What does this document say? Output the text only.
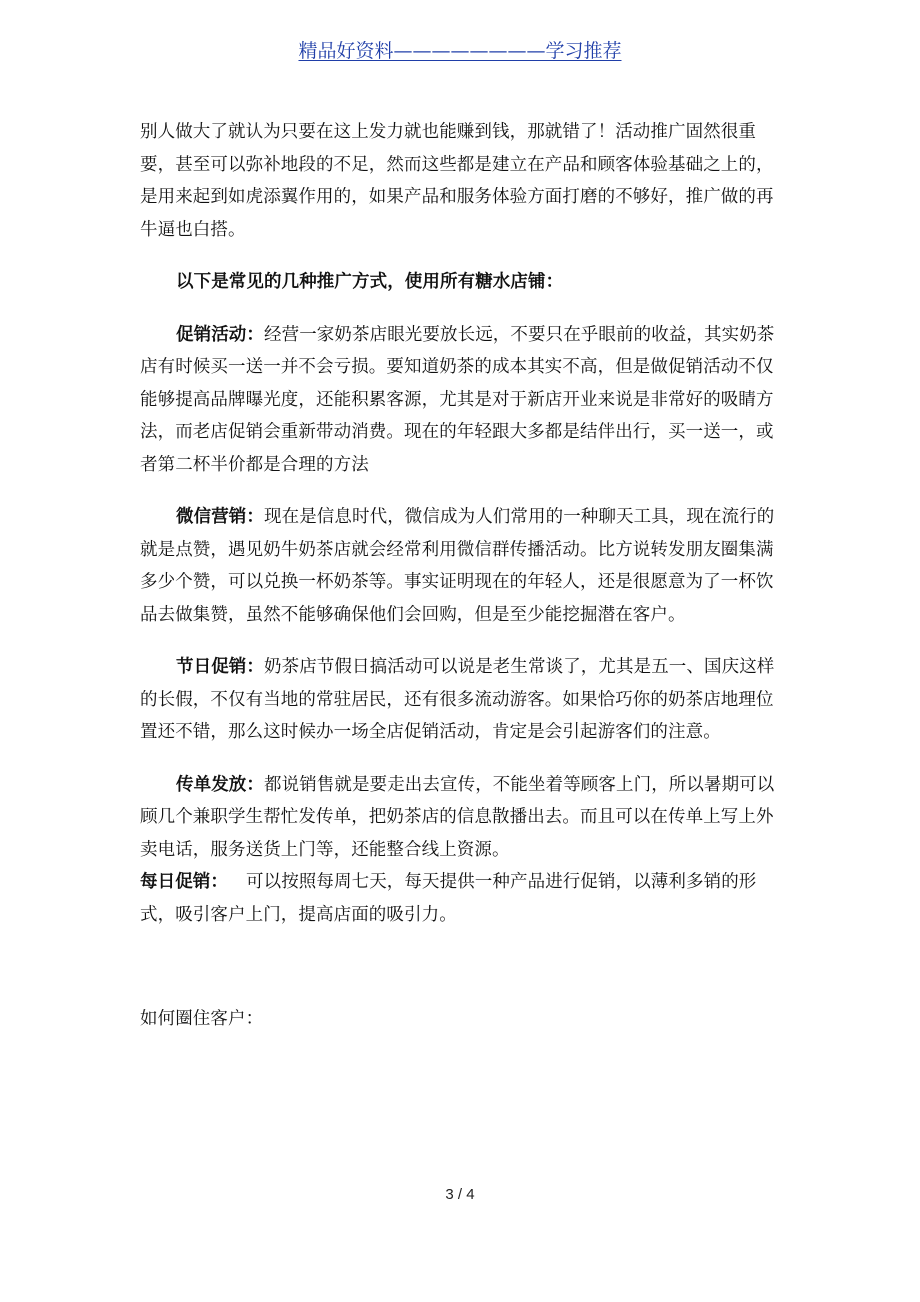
精品好资料————————学习推荐

别人做大了就认为只要在这上发力就也能赚到钱，那就错了！活动推广固然很重要，甚至可以弥补地段的不足，然而这些都是建立在产品和顾客体验基础之上的，是用来起到如虎添翼作用的，如果产品和服务体验方面打磨的不够好，推广做的再牛逼也白搭。

以下是常见的几种推广方式，使用所有糖水店铺：

促销活动：经营一家奶茶店眼光要放长远，不要只在乎眼前的收益，其实奶茶店有时候买一送一并不会亏损。要知道奶茶的成本其实不高，但是做促销活动不仅能够提高品牌曝光度，还能积累客源，尤其是对于新店开业来说是非常好的吸睛方法，而老店促销会重新带动消费。现在的年轻跟大多都是结伴出行，买一送一，或者第二杯半价都是合理的方法

微信营销：现在是信息时代，微信成为人们常用的一种聊天工具，现在流行的就是点赞，遇见奶牛奶茶店就会经常利用微信群传播活动。比方说转发朋友圈集满多少个赞，可以兑换一杯奶茶等。事实证明现在的年轻人，还是很愿意为了一杯饮品去做集赞，虽然不能够确保他们会回购，但是至少能挖掘潜在客户。

节日促销：奶茶店节假日搞活动可以说是老生常谈了，尤其是五一、国庆这样的长假，不仅有当地的常驻居民，还有很多流动游客。如果恰巧你的奶茶店地理位置还不错，那么这时候办一场全店促销活动，肯定是会引起游客们的注意。

传单发放：都说销售就是要走出去宣传，不能坐着等顾客上门，所以暑期可以顾几个兼职学生帮忙发传单，把奶茶店的信息散播出去。而且可以在传单上写上外卖电话，服务送货上门等，还能整合线上资源。

每日促销： 可以按照每周七天，每天提供一种产品进行促销，以薄利多销的形式，吸引客户上门，提高店面的吸引力。

如何圈住客户：

3 / 4
